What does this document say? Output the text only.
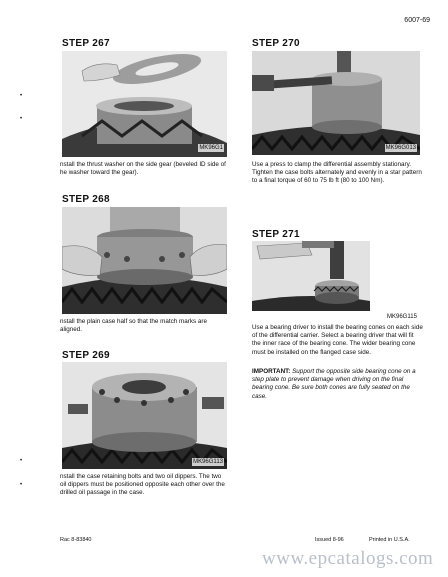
6007-69
STEP 267
MK96G1
nstall the thrust washer on the side gear (beveled ID side of he washer toward the gear).
STEP 268
nstall the plain case half so that the match marks are aligned.
STEP 269
MK96G113
nstall the case retaining bolts and two oil dippers. The two oil dippers must be positioned opposite each other over the drilled oil passage in the case.
•
•
•
•
STEP 270
MK96G013
Use a press to clamp the differential assembly stationary. Tighten the case bolts alternately and evenly in a star pattern to a final torque of 60 to 75 lb ft (80 to 100 Nm).
STEP 271
MK96G115
Use a bearing driver to install the bearing cones on each side of the differential carrier. Select a bearing driver that will fit the inner race of the bearing cone. The wider bearing cone must be installed on the flanged case side.
IMPORTANT: Support the opposite side bearing cone on a step plate to prevent damage when driving on the final bearing cone. Be sure both cones are fully seated on the case.
Rac 8-83840	Issued 8-96	Printed in U.S.A.
www.epcatalogs.com
